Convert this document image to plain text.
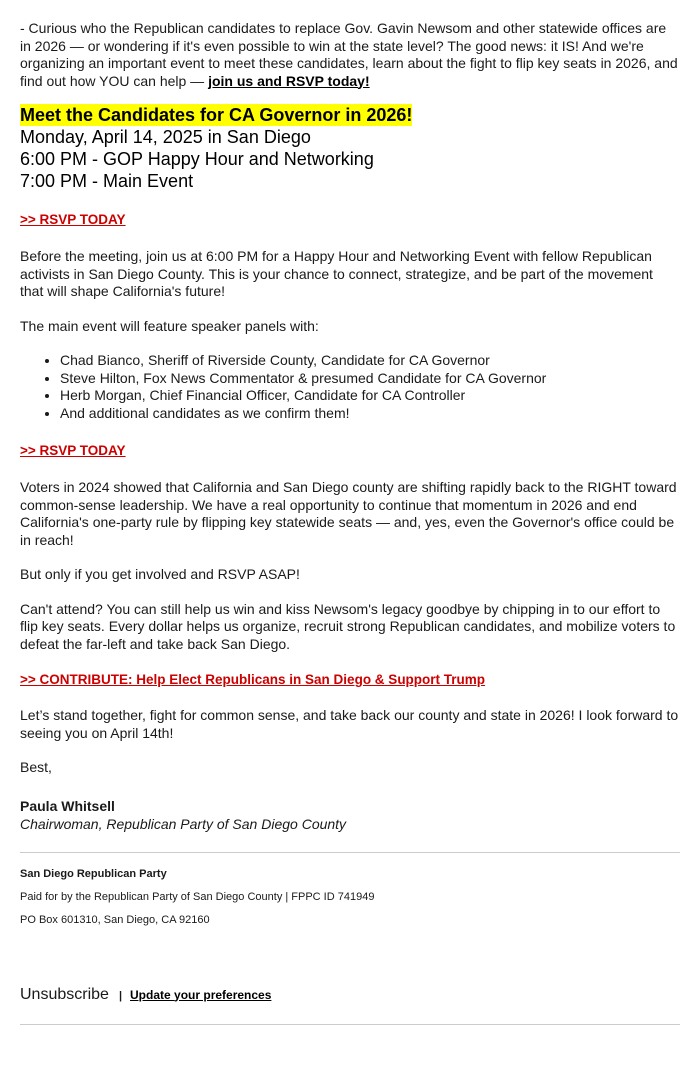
- Curious who the Republican candidates to replace Gov. Gavin Newsom and other statewide offices are in 2026 — or wondering if it's even possible to win at the state level? The good news: it IS! And we're organizing an important event to meet these candidates, learn about the fight to flip key seats in 2026, and find out how YOU can help — join us and RSVP today!

Meet the Candidates for CA Governor in 2026!

Monday, April 14, 2025 in San Diego

6:00 PM - GOP Happy Hour and Networking

7:00 PM - Main Event

>> RSVP TODAY

Before the meeting, join us at 6:00 PM for a Happy Hour and Networking Event with fellow Republican activists in San Diego County. This is your chance to connect, strategize, and be part of the movement that will shape California's future!

The main event will feature speaker panels with:

• Chad Bianco, Sheriff of Riverside County, Candidate for CA Governor
• Steve Hilton, Fox News Commentator & presumed Candidate for CA Governor
• Herb Morgan, Chief Financial Officer, Candidate for CA Controller
• And additional candidates as we confirm them!
>> RSVP TODAY

Voters in 2024 showed that California and San Diego county are shifting rapidly back to the RIGHT toward common-sense leadership. We have a real opportunity to continue that momentum in 2026 and end California's one-party rule by flipping key statewide seats — and, yes, even the Governor's office could be in reach!

But only if you get involved and RSVP ASAP!

Can't attend? You can still help us win and kiss Newsom's legacy goodbye by chipping in to our effort to flip key seats. Every dollar helps us organize, recruit strong Republican candidates, and mobilize voters to defeat the far-left and take back San Diego.

>> CONTRIBUTE: Help Elect Republicans in San Diego & Support Trump

Let’s stand together, fight for common sense, and take back our county and state in 2026! I look forward to seeing you on April 14th!

Best,

Paula Whitsell

Chairwoman, Republican Party of San Diego County

San Diego Republican Party

Paid for by the Republican Party of San Diego County | FPPC ID 741949

PO Box 601310, San Diego, CA 92160

Unsubscribe | Update your preferences
